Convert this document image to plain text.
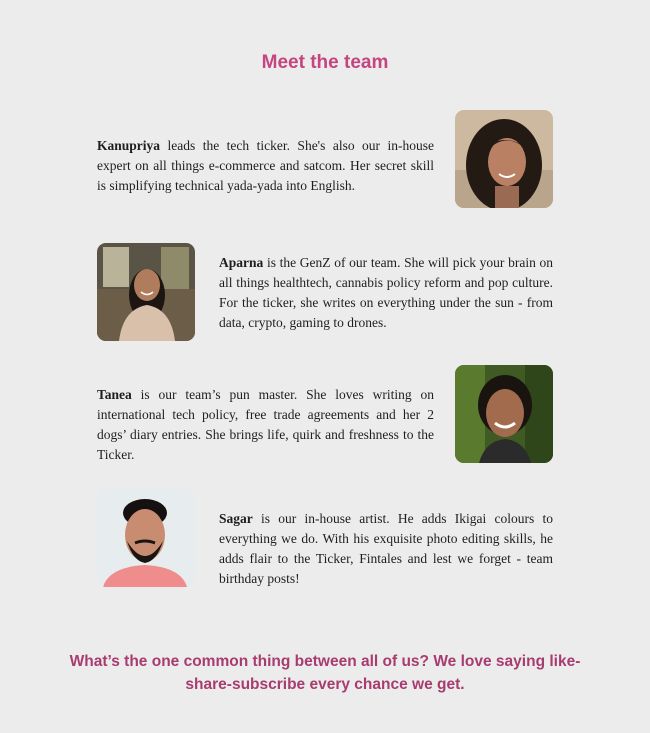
Meet the team
Kanupriya leads the tech ticker. She's also our in-house expert on all things e-commerce and satcom. Her secret skill is simplifying technical yada-yada into English.
Aparna is the GenZ of our team. She will pick your brain on all things healthtech, cannabis policy reform and pop culture. For the ticker, she writes on everything under the sun - from data, crypto, gaming to drones.
Tanea is our team’s pun master. She loves writing on international tech policy, free trade agreements and her 2 dogs’ diary entries. She brings life, quirk and freshness to the Ticker.
Sagar is our in-house artist. He adds Ikigai colours to everything we do. With his exquisite photo editing skills, he adds flair to the Ticker, Fintales and lest we forget - team birthday posts!
What’s the one common thing between all of us? We love saying like-share-subscribe every chance we get.
